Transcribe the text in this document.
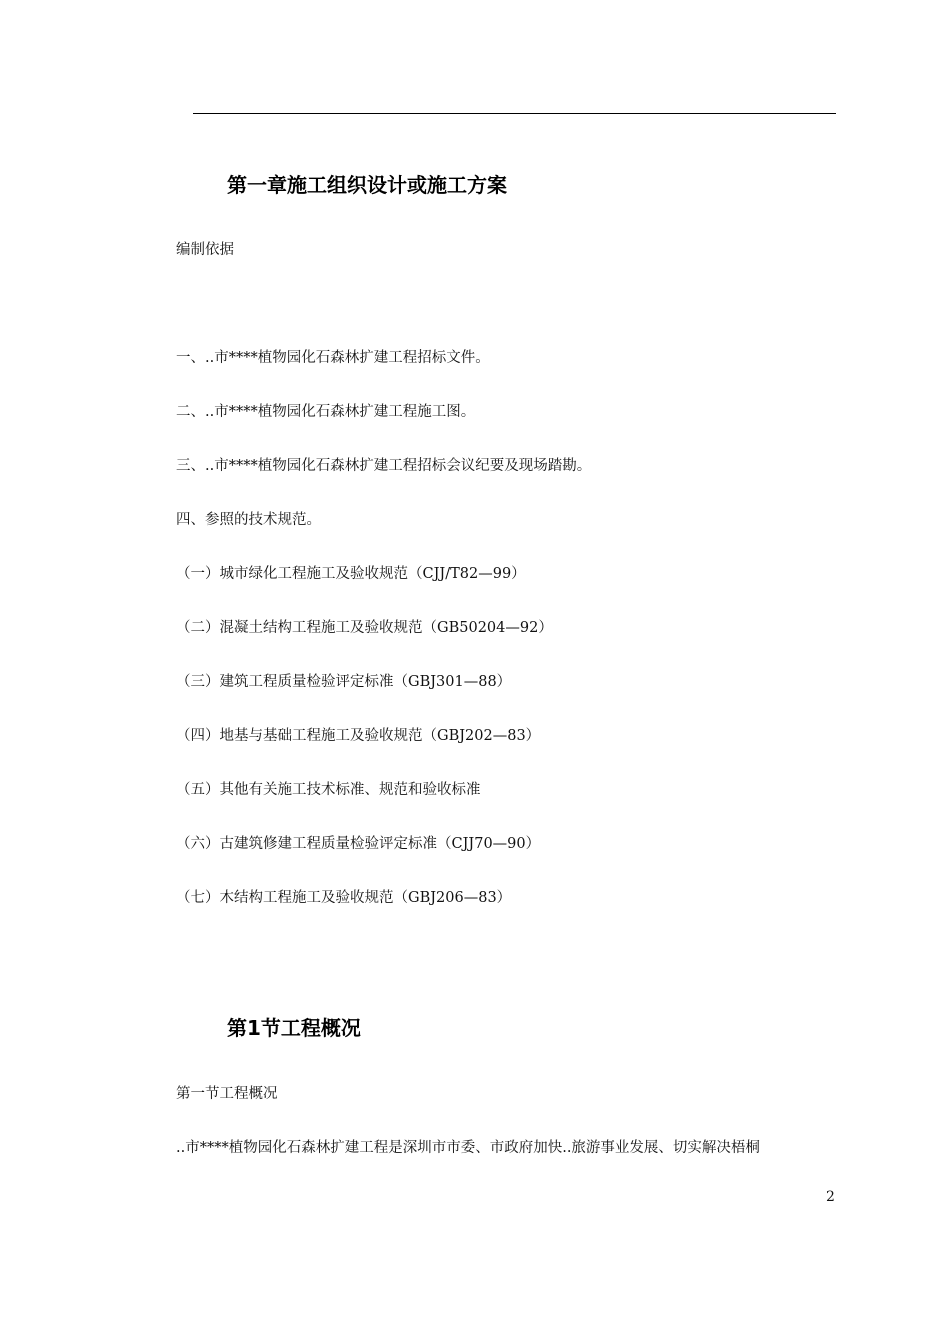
第一章施工组织设计或施工方案
编制依据
一、..市****植物园化石森林扩建工程招标文件。
二、..市****植物园化石森林扩建工程施工图。
三、..市****植物园化石森林扩建工程招标会议纪要及现场踏勘。
四、参照的技术规范。
（一）城市绿化工程施工及验收规范（CJJ/T82—99）
（二）混凝土结构工程施工及验收规范（GB50204—92）
（三）建筑工程质量检验评定标准（GBJ301—88）
（四）地基与基础工程施工及验收规范（GBJ202—83）
（五）其他有关施工技术标准、规范和验收标准
（六）古建筑修建工程质量检验评定标准（CJJ70—90）
（七）木结构工程施工及验收规范（GBJ206—83）
第1节工程概况
第一节工程概况
..市****植物园化石森林扩建工程是深圳市市委、市政府加快..旅游事业发展、切实解决梧桐
2
